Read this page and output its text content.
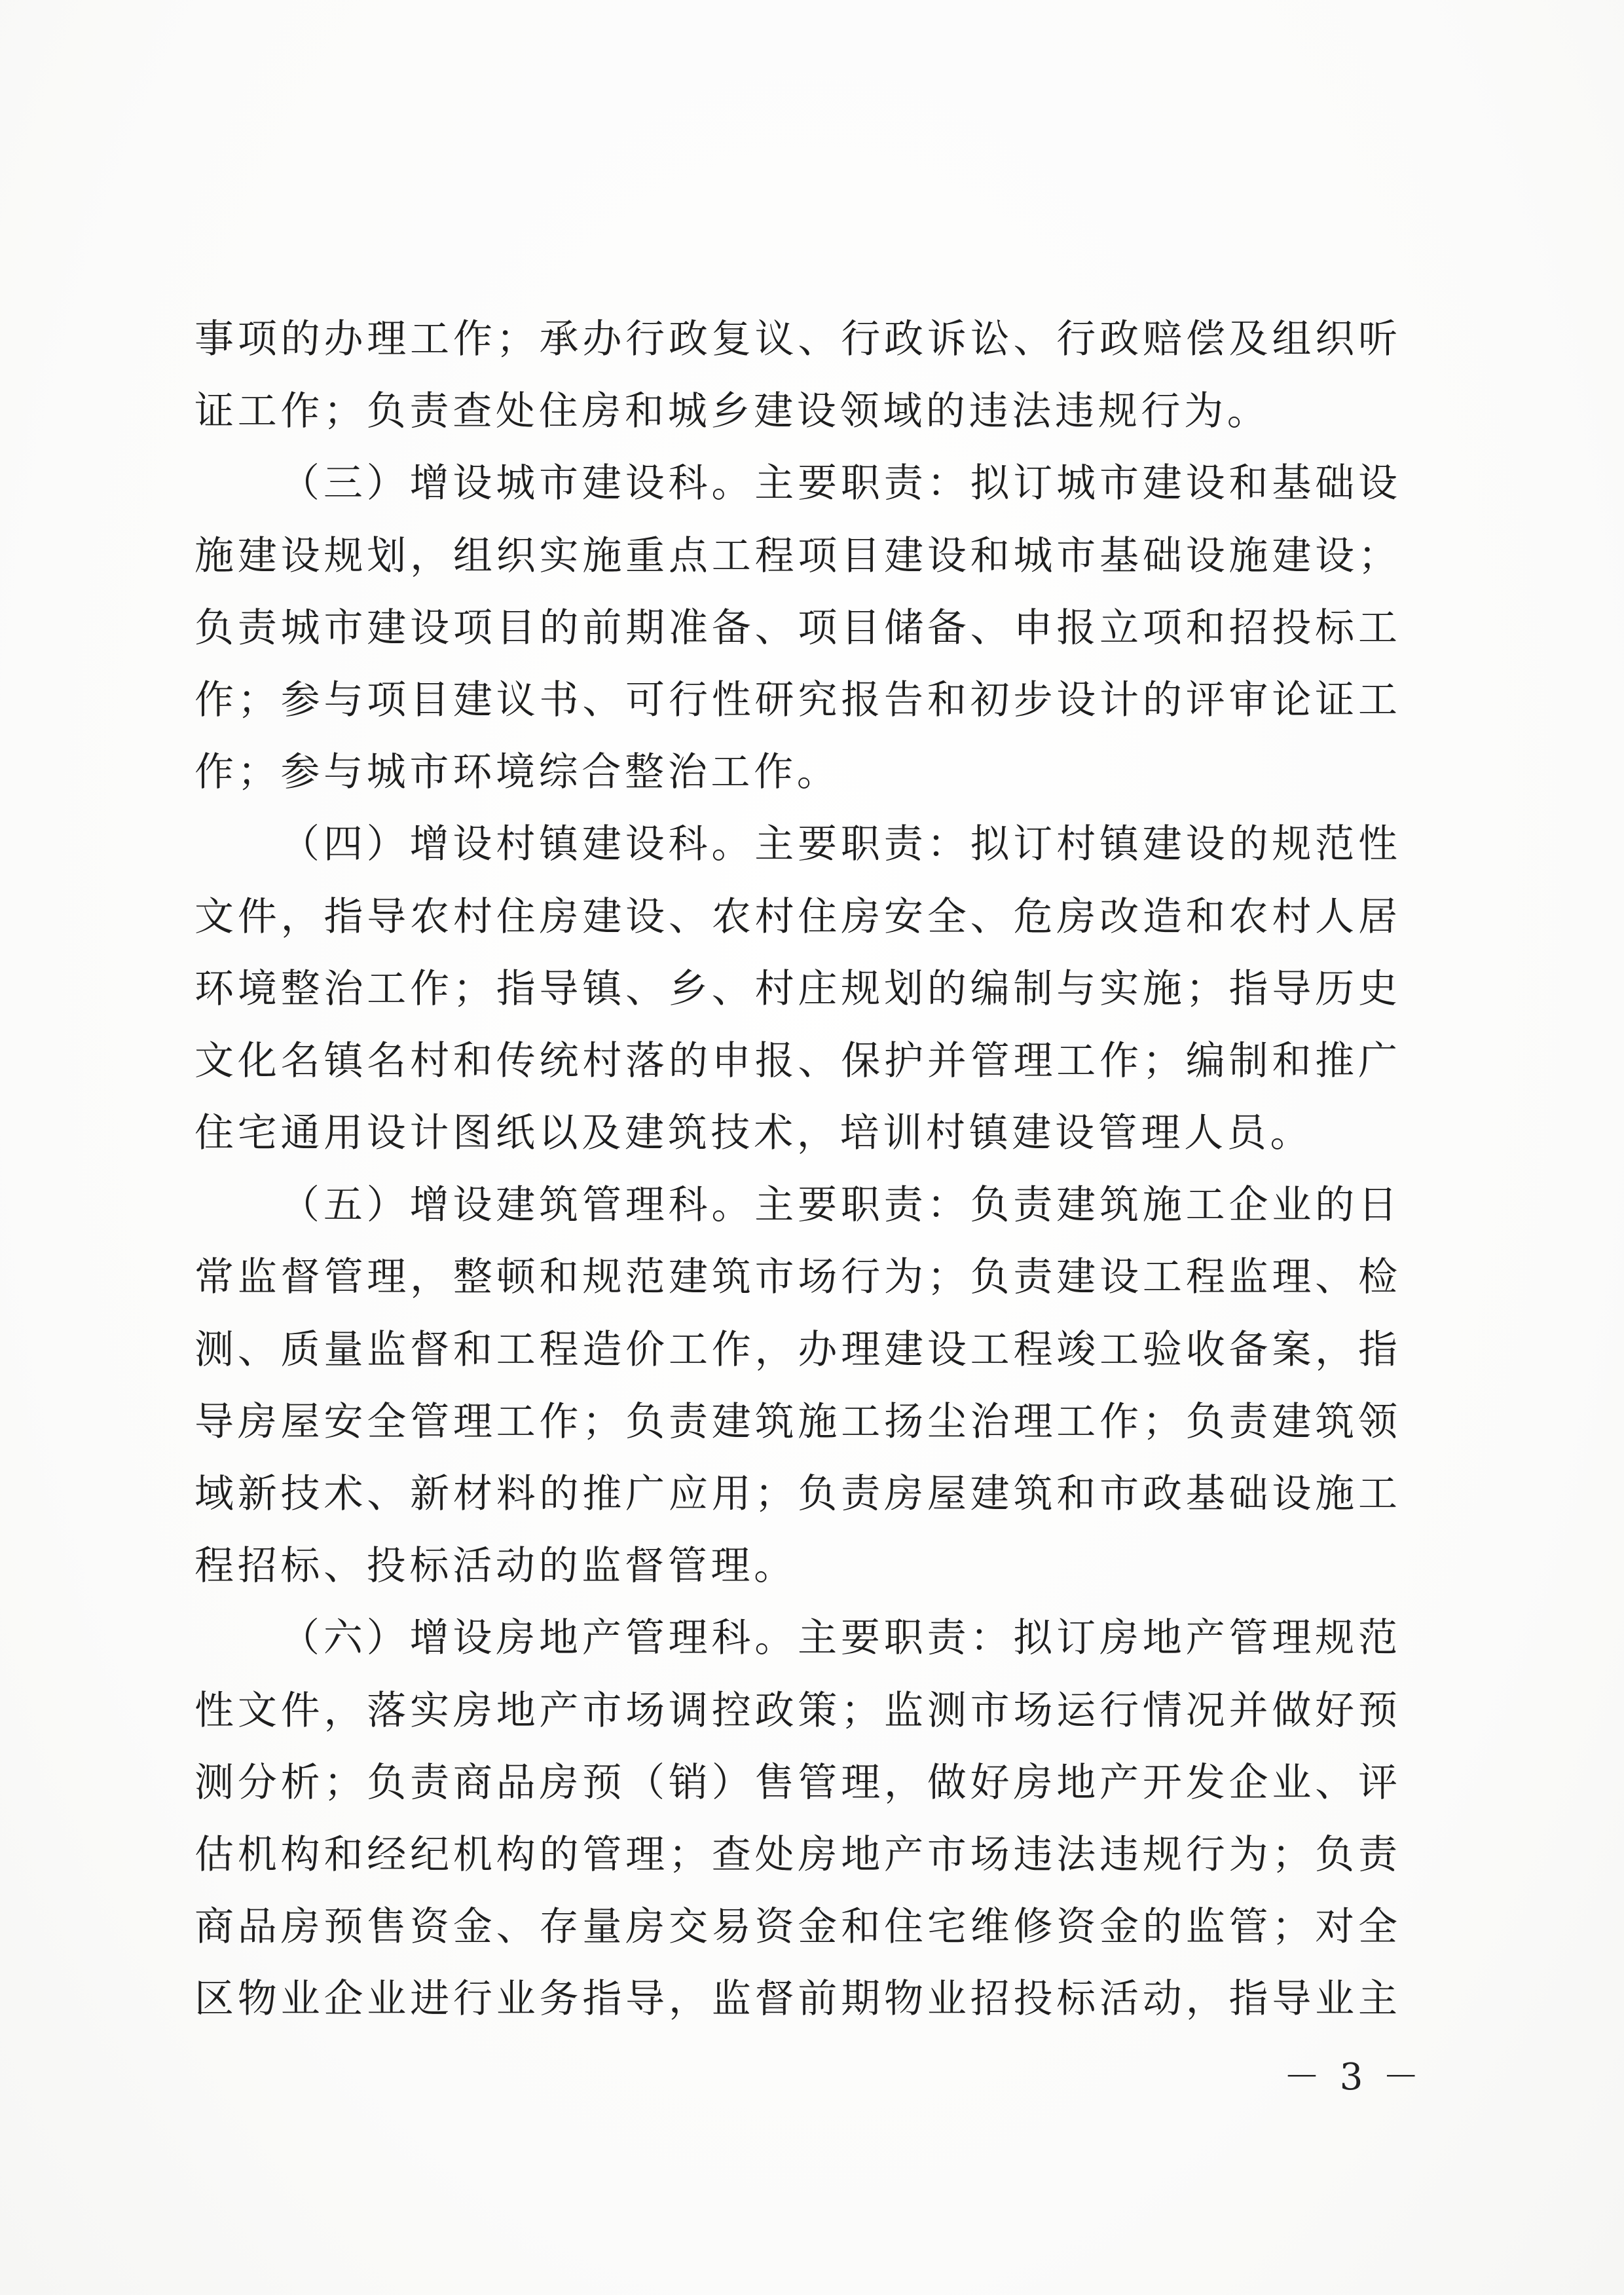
事项的办理工作；承办行政复议、行政诉讼、行政赔偿及组织听
证工作；负责查处住房和城乡建设领域的违法违规行为。
（三）增设城市建设科。主要职责：拟订城市建设和基础设
施建设规划，组织实施重点工程项目建设和城市基础设施建设；
负责城市建设项目的前期准备、项目储备、申报立项和招投标工
作；参与项目建议书、可行性研究报告和初步设计的评审论证工
作；参与城市环境综合整治工作。
（四）增设村镇建设科。主要职责：拟订村镇建设的规范性
文件，指导农村住房建设、农村住房安全、危房改造和农村人居
环境整治工作；指导镇、乡、村庄规划的编制与实施；指导历史
文化名镇名村和传统村落的申报、保护并管理工作；编制和推广
住宅通用设计图纸以及建筑技术，培训村镇建设管理人员。
（五）增设建筑管理科。主要职责：负责建筑施工企业的日
常监督管理，整顿和规范建筑市场行为；负责建设工程监理、检
测、质量监督和工程造价工作，办理建设工程竣工验收备案，指
导房屋安全管理工作；负责建筑施工扬尘治理工作；负责建筑领
域新技术、新材料的推广应用；负责房屋建筑和市政基础设施工
程招标、投标活动的监督管理。
（六）增设房地产管理科。主要职责：拟订房地产管理规范
性文件，落实房地产市场调控政策；监测市场运行情况并做好预
测分析；负责商品房预（销）售管理，做好房地产开发企业、评
估机构和经纪机构的管理；查处房地产市场违法违规行为；负责
商品房预售资金、存量房交易资金和住宅维修资金的监管；对全
区物业企业进行业务指导，监督前期物业招投标活动，指导业主
－ 3 －
